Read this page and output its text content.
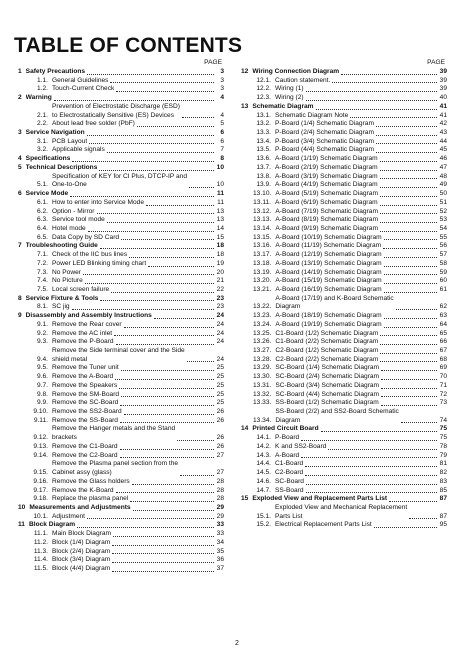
TABLE OF CONTENTS
PAGE
1 Safety Precautions	3
1.1. General Guidelines	3
1.2. Touch-Current Check	3
2 Warning	4
2.1.
Prevention of Electrostatic Discharge (ESD)
to Electrostatically Sensitive (ES) Devices	4
2.2. About lead free solder (PbF)	5
3 Service Navigation	6
3.1. PCB Layout	6
3.2. Applicable signals	7
4 Specifications	8
5 Technical Descriptions	10
5.1.
Specification of KEY for CI Plus, DTCP-IP and
One-to-One	10
6 Service Mode	11
6.1. How to enter into Service Mode	11
6.2. Option - Mirror	13
6.3. Service tool mode	13
6.4. Hotel mode	14
6.5. Data Copy by SD Card	15
7 Troubleshooting Guide	18
7.1. Check of the IIC bus lines	18
7.2. Power LED Blinking timing chart	19
7.3. No Power	20
7.4. No Picture	21
7.5. Local screen failure	22
8 Service Fixture & Tools	23
8.1. SC jig	23
9 Disassembly and Assembly Instructions	24
9.1. Remove the Rear cover	24
9.2. Remove the AC inlet	24
9.3. Remove the P-Board	24
9.4.
Remove the Side terminal cover and the Side
shield metal	24
9.5. Remove the Tuner unit	25
9.6. Remove the A-Board	25
9.7. Remove the Speakers	25
9.8. Remove the SM-Board	25
9.9. Remove the SC-Board	25
9.10. Remove the SS2-Board	26
9.11. Remove the SS-Board	26
9.12.
Remove the Hanger metals and the Stand
brackets	26
9.13. Remove the C1-Board	26
9.14. Remove the C2-Board	27
9.15.
Remove the Plasma panel section from the
Cabinet assy (glass)	27
9.16. Remove the Glass holders	28
9.17. Remove the K-Board	28
9.18. Replace the plasma panel	28
10 Measurements and Adjustments	29
10.1. Adjustment	29
11 Block Diagram	33
11.1. Main Block Diagram	33
11.2. Block (1/4) Diagram	34
11.3. Block (2/4) Diagram	35
11.4. Block (3/4) Diagram	36
11.5. Block (4/4) Diagram	37
PAGE
12 Wiring Connection Diagram	39
12.1. Caution statement.	39
12.2. Wiring (1)	39
12.3. Wiring (2)	40
13 Schematic Diagram	41
13.1. Schematic Diagram Note	41
13.2. P-Board (1/4) Schematic Diagram	42
13.3. P-Board (2/4) Schematic Diagram	43
13.4. P-Board (3/4) Schematic Diagram	44
13.5. P-Board (4/4) Schematic Diagram	45
13.6. A-Board (1/19) Schematic Diagram	46
13.7. A-Board (2/19) Schematic Diagram	47
13.8. A-Board (3/19) Schematic Diagram	48
13.9. A-Board (4/19) Schematic Diagram	49
13.10. A-Board (5/19) Schematic Diagram	50
13.11. A-Board (6/19) Schematic Diagram	51
13.12. A-Board (7/19) Schematic Diagram	52
13.13. A-Board (8/19) Schematic Diagram	53
13.14. A-Board (9/19) Schematic Diagram	54
13.15. A-Board (10/19) Schematic Diagram	55
13.16. A-Board (11/19) Schematic Diagram	56
13.17. A-Board (12/19) Schematic Diagram	57
13.18. A-Board (13/19) Schematic Diagram	58
13.19. A-Board (14/19) Schematic Diagram	59
13.20. A-Board (15/19) Schematic Diagram	60
13.21. A-Board (16/19) Schematic Diagram	61
13.22.
A-Board (17/19) and K-Board Schematic
Diagram	62
13.23. A-Board (18/19) Schematic Diagram	63
13.24. A-Board (19/19) Schematic Diagram	64
13.25. C1-Board (1/2) Schematic Diagram	65
13.26. C1-Board (2/2) Schematic Diagram	66
13.27. C2-Board (1/2) Schematic Diagram	67
13.28. C2-Board (2/2) Schematic Diagram	68
13.29. SC-Board (1/4) Schematic Diagram	69
13.30. SC-Board (2/4) Schematic Diagram	70
13.31. SC-Board (3/4) Schematic Diagram	71
13.32. SC-Board (4/4) Schematic Diagram	72
13.33. SS-Board (1/2) Schematic Diagram	73
13.34.
SS-Board (2/2) and SS2-Board Schematic
Diagram	74
14 Printed Circuit Board	75
14.1. P-Board	75
14.2. K and SS2-Board	78
14.3. A-Board	79
14.4. C1-Board	81
14.5. C2-Board	82
14.6. SC-Board	83
14.7. SS-Board	85
15 Exploded View and Replacement Parts List	87
15.1.
Exploded View and Mechanical Replacement
Parts List	87
15.2. Electrical Replacement Parts List	95
2
